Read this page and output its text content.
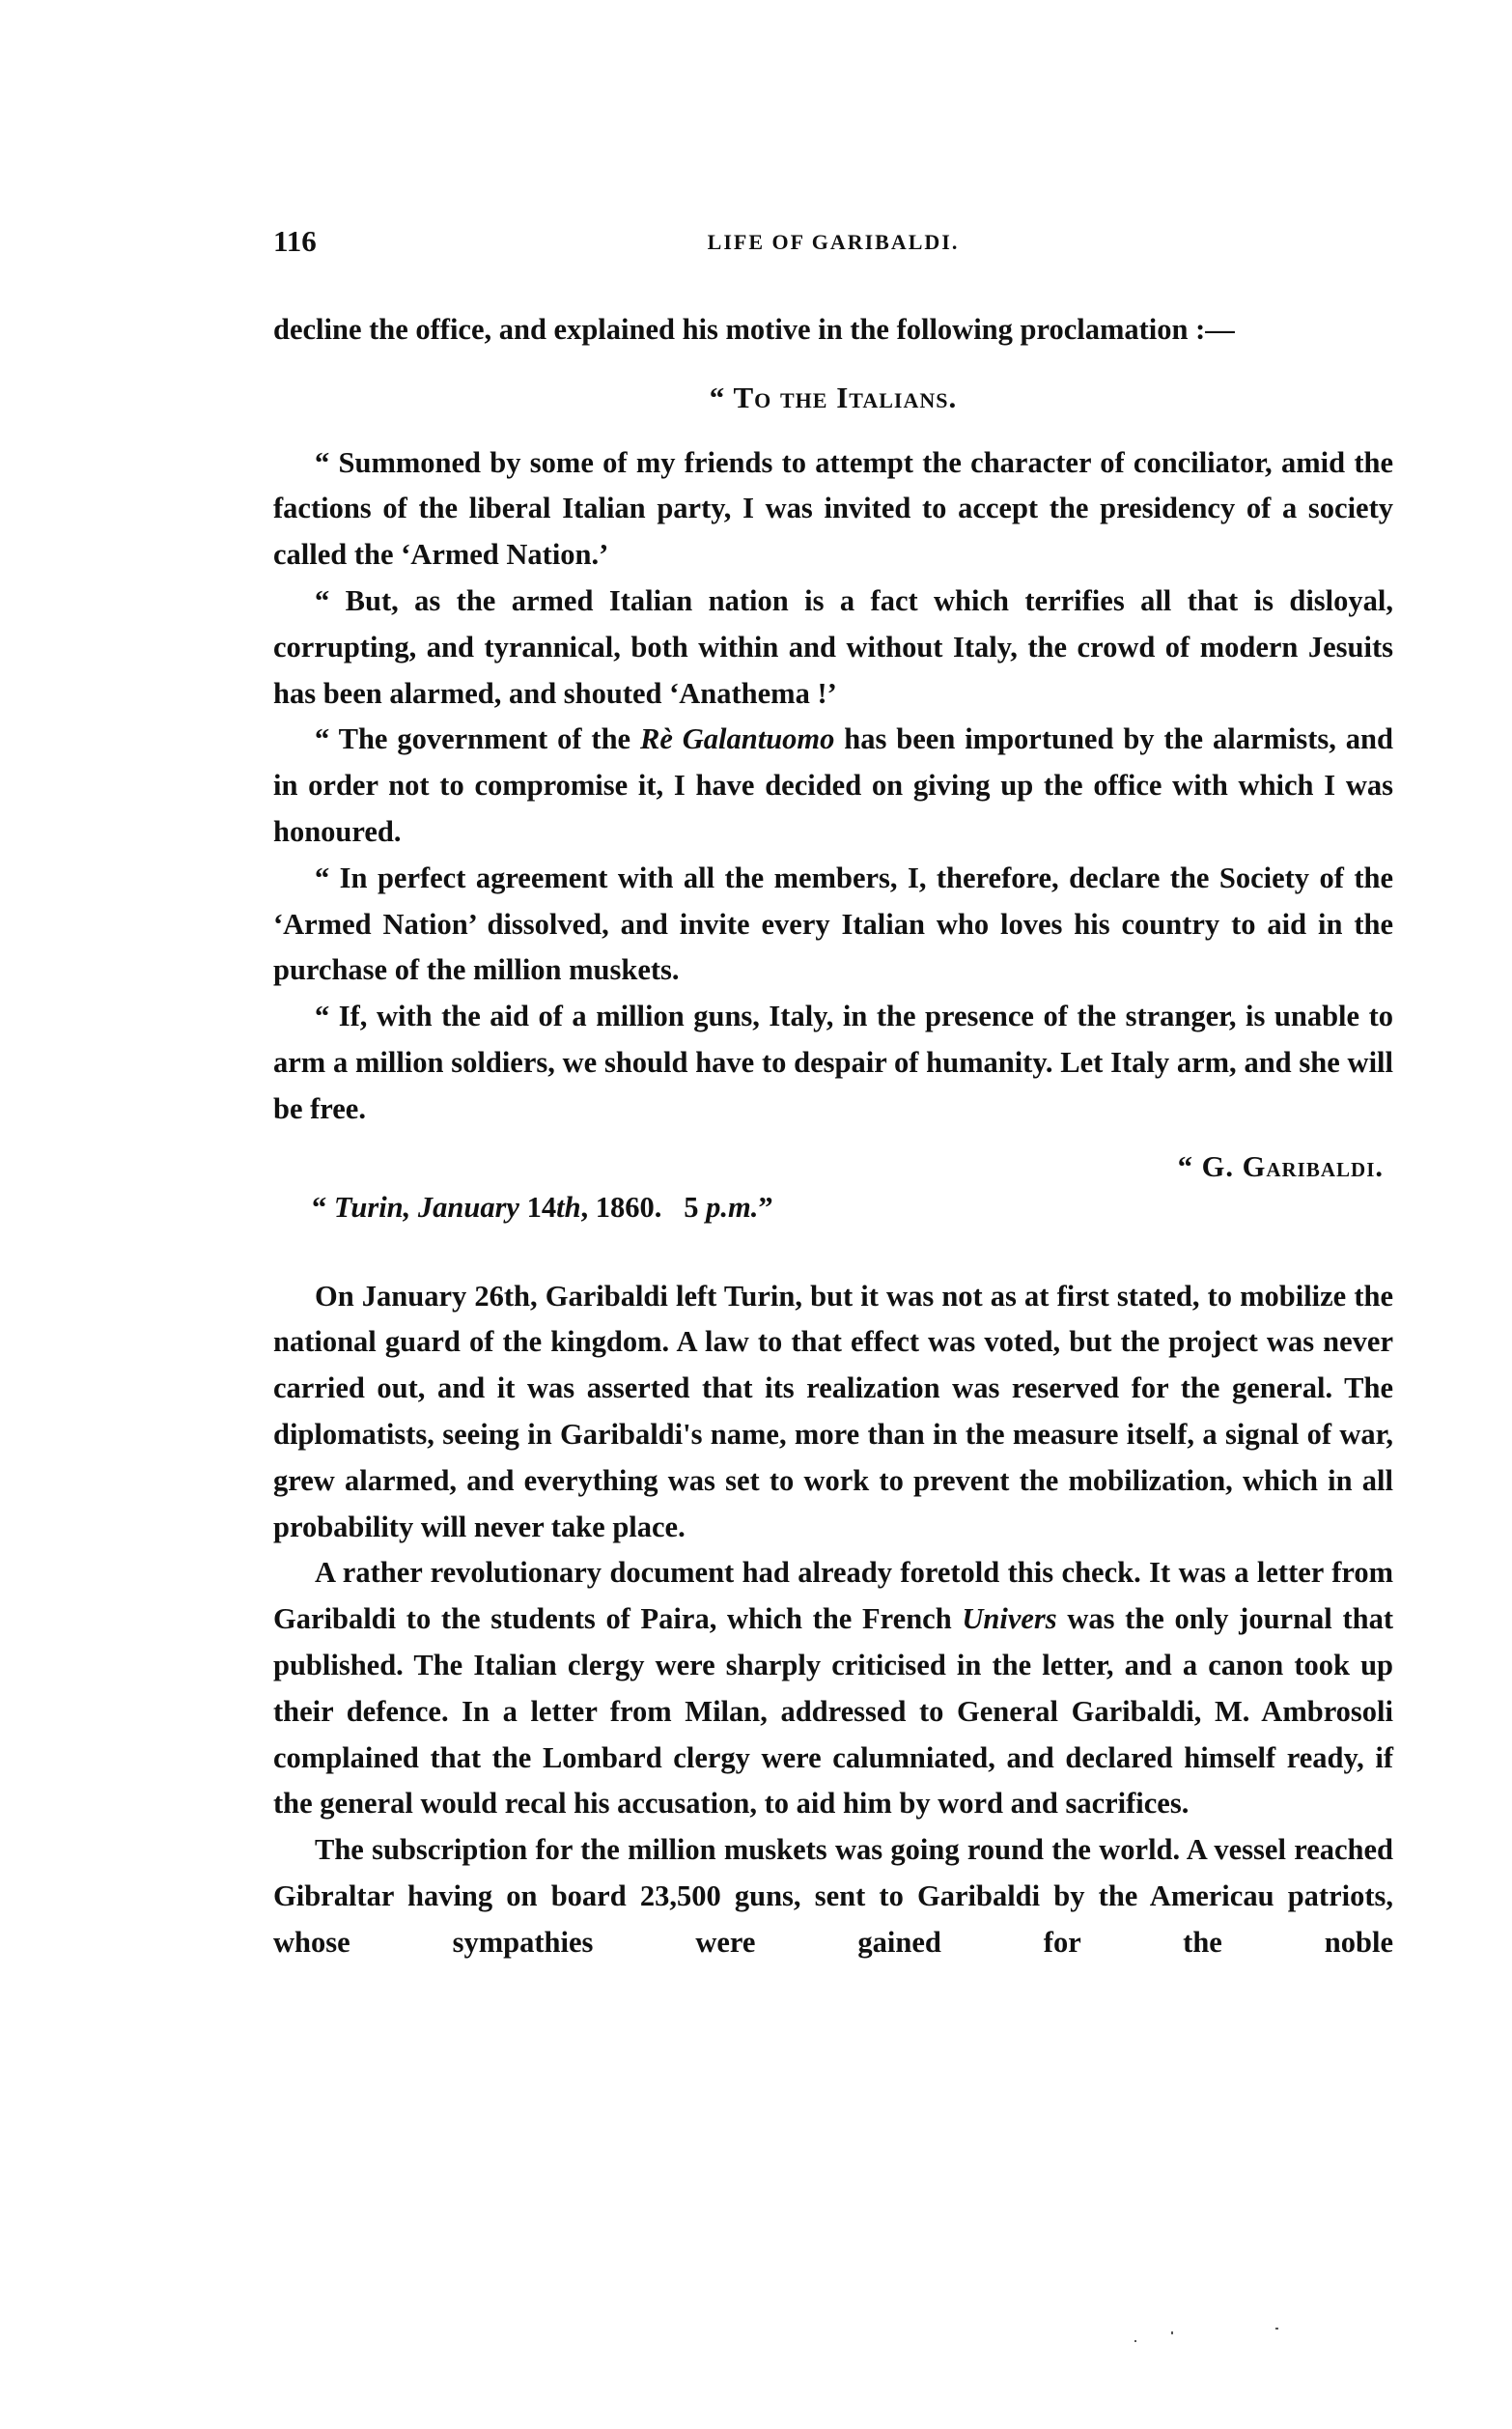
116	LIFE OF GARIBALDI.

decline the office, and explained his motive in the following proclamation :—

“ To the Italians.

“ Summoned by some of my friends to attempt the character of conciliator, amid the factions of the liberal Italian party, I was invited to accept the presidency of a society called the ‘Armed Nation.’

“ But, as the armed Italian nation is a fact which terrifies all that is disloyal, corrupting, and tyrannical, both within and without Italy, the crowd of modern Jesuits has been alarmed, and shouted ‘Anathema !’

“ The government of the Rè Galantuomo has been importuned by the alarmists, and in order not to compromise it, I have decided on giving up the office with which I was honoured.

“ In perfect agreement with all the members, I, therefore, declare the Society of the ‘Armed Nation’ dissolved, and invite every Italian who loves his country to aid in the purchase of the million muskets.

“ If, with the aid of a million guns, Italy, in the presence of the stranger, is unable to arm a million soldiers, we should have to despair of humanity. Let Italy arm, and she will be free.

“ G. Garibaldi.
“ Turin, January 14th, 1860.   5 p.m.”

On January 26th, Garibaldi left Turin, but it was not as at first stated, to mobilize the national guard of the kingdom. A law to that effect was voted, but the project was never carried out, and it was asserted that its realization was reserved for the general. The diplomatists, seeing in Garibaldi's name, more than in the measure itself, a signal of war, grew alarmed, and everything was set to work to prevent the mobilization, which in all probability will never take place.

A rather revolutionary document had already foretold this check. It was a letter from Garibaldi to the students of Paira, which the French Univers was the only journal that published. The Italian clergy were sharply criticised in the letter, and a canon took up their defence. In a letter from Milan, addressed to General Garibaldi, M. Ambrosoli complained that the Lombard clergy were calumniated, and declared himself ready, if the general would recal his accusation, to aid him by word and sacrifices.

The subscription for the million muskets was going round the world. A vessel reached Gibraltar having on board 23,500 guns, sent to Garibaldi by the Americau patriots, whose sympathies were gained for the noble
